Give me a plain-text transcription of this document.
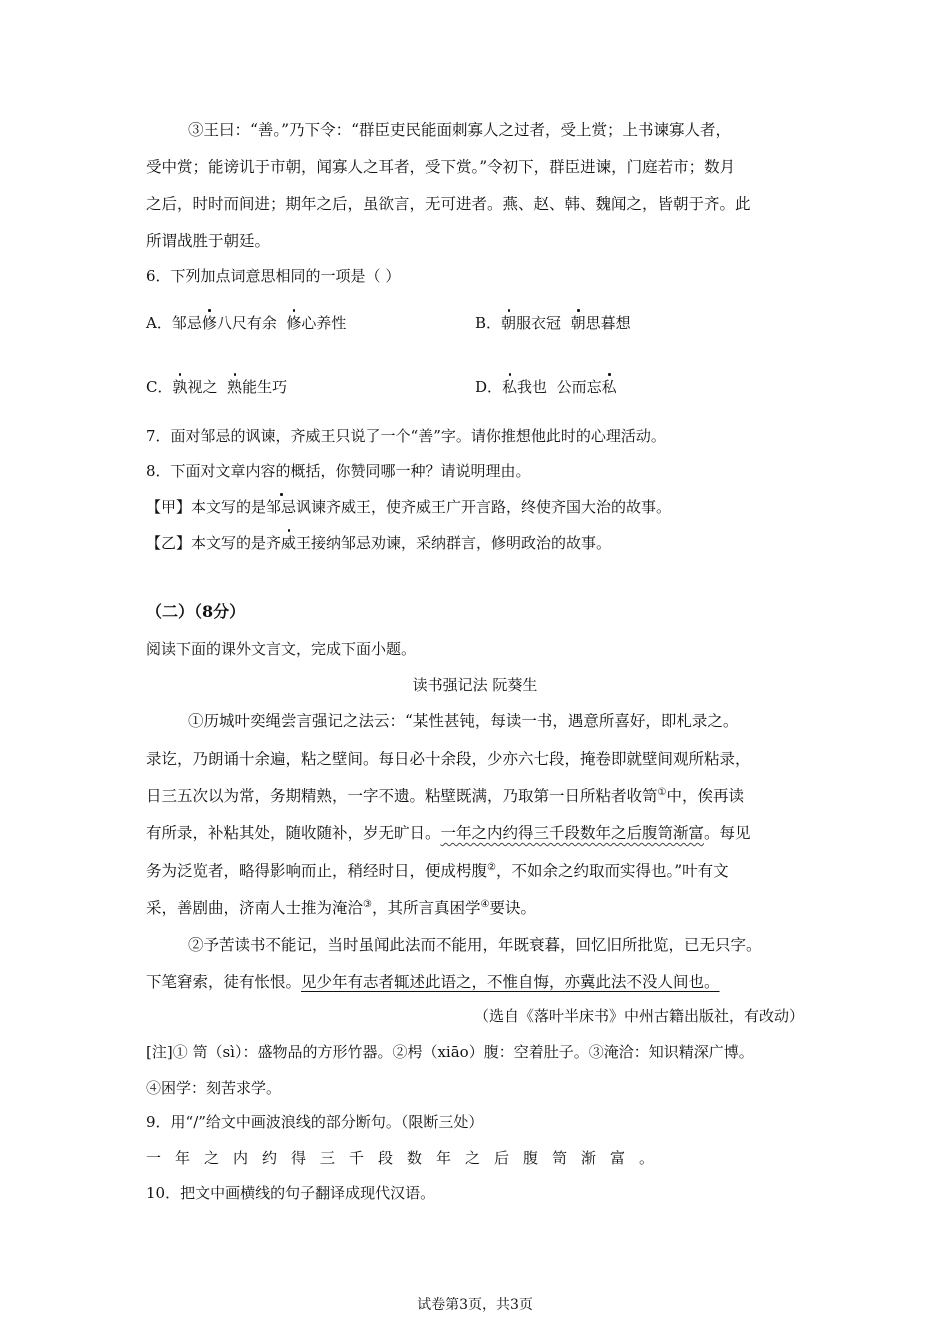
③王曰：“善。”乃下令：“群臣吏民能面刺寡人之过者，受上赏；上书谏寡人者，
受中赏；能谤讥于市朝，闻寡人之耳者，受下赏。”令初下，群臣进谏，门庭若市；数月
之后，时时而间进；期年之后，虽欲言，无可进者。燕、赵、韩、魏闻之，皆朝于齐。此
所谓战胜于朝廷。
6．下列加点词意思相同的一项是（ ）
A．邹忌修八尺有余  修心养性	B．朝服衣冠  朝思暮想
C．孰视之  熟能生巧	D．私我也  公而忘私
7．面对邹忌的讽谏，齐威王只说了一个“善”字。请你推想他此时的心理活动。
8．下面对文章内容的概括，你赞同哪一种？请说明理由。
【甲】本文写的是邹忌讽谏齐威王，使齐威王广开言路，终使齐国大治的故事。
【乙】本文写的是齐威王接纳邹忌劝谏，采纳群言，修明政治的故事。
（二）（8分）
阅读下面的课外文言文，完成下面小题。
读书强记法 阮葵生
①历城叶奕绳尝言强记之法云：“某性甚钝，每读一书，遇意所喜好，即札录之。
录讫，乃朗诵十余遍，粘之壁间。每日必十余段，少亦六七段，掩卷即就壁间观所粘录，
日三五次以为常，务期精熟，一字不遗。粘壁既满，乃取第一日所粘者收笥①中，俟再读
有所录，补粘其处，随收随补，岁无旷日。一年之内约得三千段数年之后腹笥渐富。每见
务为泛览者，略得影响而止，稍经时日，便成枵腹②，不如余之约取而实得也。”叶有文
采，善剧曲，济南人士推为淹洽③，其所言真困学④要诀。
②予苦读书不能记，当时虽闻此法而不能用，年既衰暮，回忆旧所批览，已无只字。
下笔窘索，徒有怅恨。见少年有志者辄述此语之，不惟自悔，亦冀此法不没人间也。
（选自《落叶半床书》中州古籍出版社，有改动）
[注]① 笥（sì）：盛物品的方形竹器。②枵（xiāo）腹：空着肚子。③淹洽：知识精深广博。
④困学：刻苦求学。
9．用“/”给文中画波浪线的部分断句。（限断三处）
一年之内约得三千段数年之后腹笥渐富。
10．把文中画横线的句子翻译成现代汉语。
试卷第3页，共3页
